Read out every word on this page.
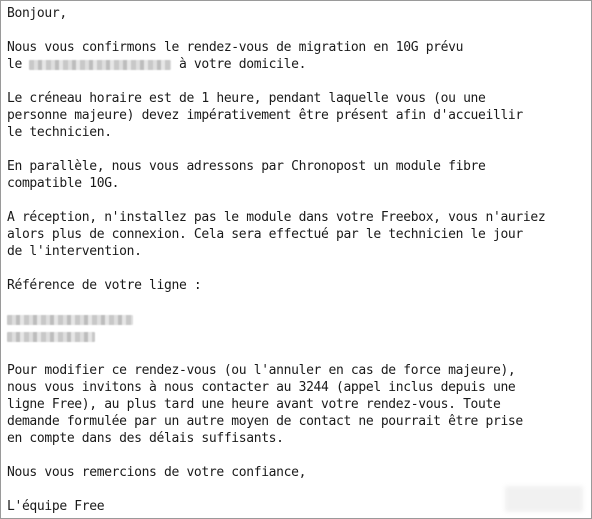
Bonjour,
Nous vous confirmons le rendez-vous de migration en 10G prévu
le	à votre domicile.
Le créneau horaire est de 1 heure, pendant laquelle vous (ou une
personne majeure) devez impérativement être présent afin d'accueillir
le technicien.
En parallèle, nous vous adressons par Chronopost un module fibre
compatible 10G.
A réception, n'installez pas le module dans votre Freebox, vous n'auriez
alors plus de connexion. Cela sera effectué par le technicien le jour
de l'intervention.
Référence de votre ligne :
Pour modifier ce rendez-vous (ou l'annuler en cas de force majeure),
nous vous invitons à nous contacter au 3244 (appel inclus depuis une
ligne Free), au plus tard une heure avant votre rendez-vous. Toute
demande formulée par un autre moyen de contact ne pourrait être prise
en compte dans des délais suffisants.
Nous vous remercions de votre confiance,
L'équipe Free
